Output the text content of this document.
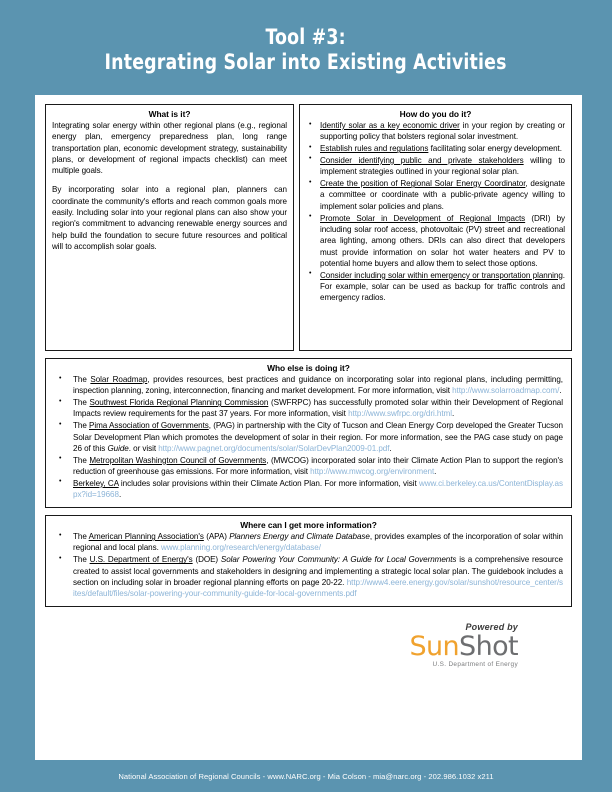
Tool #3:
Integrating Solar into Existing Activities
What is it?

Integrating solar energy within other regional plans (e.g., regional energy plan, emergency preparedness plan, long range transportation plan, economic development strategy, sustainability plans, or development of regional impacts checklist) can meet multiple goals.

By incorporating solar into a regional plan, planners can coordinate the community's efforts and reach common goals more easily. Including solar into your regional plans can also show your region's commitment to advancing renewable energy sources and help build the foundation to secure future resources and political will to accomplish solar goals.

How do you do it?
• Identify solar as a key economic driver in your region by creating or supporting policy that bolsters regional solar investment.
• Establish rules and regulations facilitating solar energy development.
• Consider identifying public and private stakeholders willing to implement strategies outlined in your regional solar plan.
• Create the position of Regional Solar Energy Coordinator, designate a committee or coordinate with a public-private agency willing to implement solar policies and plans.
• Promote Solar in Development of Regional Impacts (DRI) by including solar roof access, photovoltaic (PV) street and recreational area lighting, among others. DRIs can also direct that developers must provide information on solar hot water heaters and PV to potential home buyers and allow them to select those options.
• Consider including solar within emergency or transportation planning. For example, solar can be used as backup for traffic controls and emergency radios.
Who else is doing it?
• The Solar Roadmap, provides resources, best practices and guidance on incorporating solar into regional plans, including permitting, inspection planning, zoning, interconnection, financing and market development. For more information, visit http://www.solarroadmap.com/.
• The Southwest Florida Regional Planning Commission (SWFRPC) has successfully promoted solar within their Development of Regional Impacts review requirements for the past 37 years. For more information, visit http://www.swfrpc.org/dri.html.
• The Pima Association of Governments, (PAG) in partnership with the City of Tucson and Clean Energy Corp developed the Greater Tucson Solar Development Plan which promotes the development of solar in their region. For more information, see the PAG case study on page 26 of this Guide. or visit http://www.pagnet.org/documents/solar/SolarDevPlan2009-01.pdf.
• The Metropolitan Washington Council of Governments, (MWCOG) incorporated solar into their Climate Action Plan to support the region's reduction of greenhouse gas emissions. For more information, visit http://www.mwcog.org/environment.
• Berkeley, CA includes solar provisions within their Climate Action Plan. For more information, visit www.ci.berkeley.ca.us/ContentDisplay.aspx?id=19668.
Where can I get more information?
• The American Planning Association's (APA) Planners Energy and Climate Database, provides examples of the incorporation of solar within regional and local plans. www.planning.org/research/energy/database/
• The U.S. Department of Energy's (DOE) Solar Powering Your Community: A Guide for Local Governments is a comprehensive resource created to assist local governments and stakeholders in designing and implementing a strategic local solar plan. The guidebook includes a section on including solar in broader regional planning efforts on page 20-22. http://www4.eere.energy.gov/solar/sunshot/resource_center/sites/default/files/solar-powering-your-community-guide-for-local-governments.pdf
Powered by
SunShot
U.S. Department of Energy
National Association of Regional Councils - www.NARC.org - Mia Colson - mia@narc.org - 202.986.1032 x211
